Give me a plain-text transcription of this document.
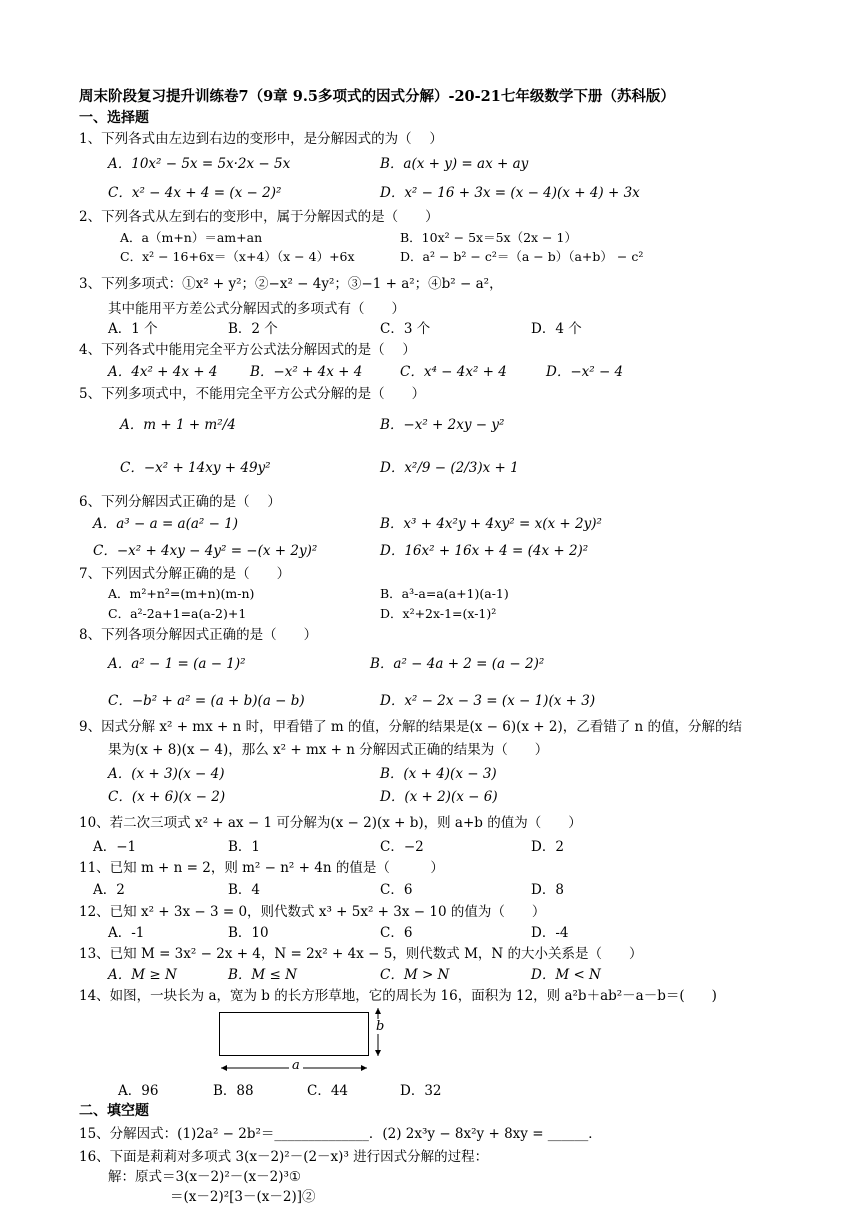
周末阶段复习提升训练卷7（9章 9.5多项式的因式分解）-20-21七年级数学下册（苏科版）
一、选择题
1、下列各式由左边到右边的变形中，是分解因式的为（　 ）
A．10x² − 5x = 5x·2x − 5x	B．a(x + y) = ax + ay
C．x² − 4x + 4 = (x − 2)²	D．x² − 16 + 3x = (x − 4)(x + 4) + 3x
2、下列各式从左到右的变形中，属于分解因式的是（　　）
A．a（m+n）＝am+an	B．10x² − 5x＝5x（2x − 1）
C．x² − 16+6x＝（x+4）（x − 4）+6x	D．a² − b² − c²＝（a − b）（a+b） − c²
3、下列多项式：①x² + y²；②−x² − 4y²；③−1 + a²；④b² − a²，
其中能用平方差公式分解因式的多项式有（　　）
A．1 个	B．2 个	C．3 个	D．4 个
4、下列各式中能用完全平方公式法分解因式的是（　 ）
A．4x² + 4x + 4 B．−x² + 4x + 4	C．x⁴ − 4x² + 4	D．−x² − 4
5、下列多项式中，不能用完全平方公式分解的是（　　）
A．m + 1 + m²/4	B．−x² + 2xy − y²
C．−x² + 14xy + 49y²	D．x²/9 − (2/3)x + 1
6、下列分解因式正确的是（　 ）
A．a³ − a = a(a² − 1)	B．x³ + 4x²y + 4xy² = x(x + 2y)²
C．−x² + 4xy − 4y² = −(x + 2y)²	D．16x² + 16x + 4 = (4x + 2)²
7、下列因式分解正确的是（　　）
A．m²+n²=(m+n)(m-n)	B．a³-a=a(a+1)(a-1)
C．a²-2a+1=a(a-2)+1	D．x²+2x-1=(x-1)²
8、下列各项分解因式正确的是（　　）
A．a² − 1 = (a − 1)²	B．a² − 4a + 2 = (a − 2)²
C．−b² + a² = (a + b)(a − b)	D．x² − 2x − 3 = (x − 1)(x + 3)
9、因式分解 x² + mx + n 时，甲看错了 m 的值，分解的结果是(x − 6)(x + 2)，乙看错了 n 的值，分解的结
果为(x + 8)(x − 4)，那么 x² + mx + n 分解因式正确的结果为（　　）
A．(x + 3)(x − 4)	B．(x + 4)(x − 3)
C．(x + 6)(x − 2)	D．(x + 2)(x − 6)
10、若二次三项式 x² + ax − 1 可分解为(x − 2)(x + b)，则 a+b 的值为（　　）
A．−1	B．1	C．−2	D．2
11、已知 m + n = 2，则 m² − n² + 4n 的值是（　　　）
A．2	B．4	C．6	D．8
12、已知 x² + 3x − 3 = 0，则代数式 x³ + 5x² + 3x − 10 的值为（　　）
A．-1	B．10	C．6	D．-4
13、已知 M = 3x² − 2x + 4，N = 2x² + 4x − 5，则代数式 M，N 的大小关系是（　　）
A．M ≥ N	B．M ≤ N	C．M > N	D．M < N
14、如图，一块长为 a，宽为 b 的长方形草地，它的周长为 16，面积为 12，则 a²b＋ab²－a－b＝(　　)
b
a
A．96	B．88	C．44	D．32
二、填空题
15、分解因式：(1)2a² − 2b²＝______________．(2) 2x³y − 8x²y + 8xy = ______．
16、下面是莉莉对多项式 3(x－2)²－(2－x)³ 进行因式分解的过程：
解：原式＝3(x－2)²－(x－2)³①
＝(x－2)²[3－(x－2)]②
